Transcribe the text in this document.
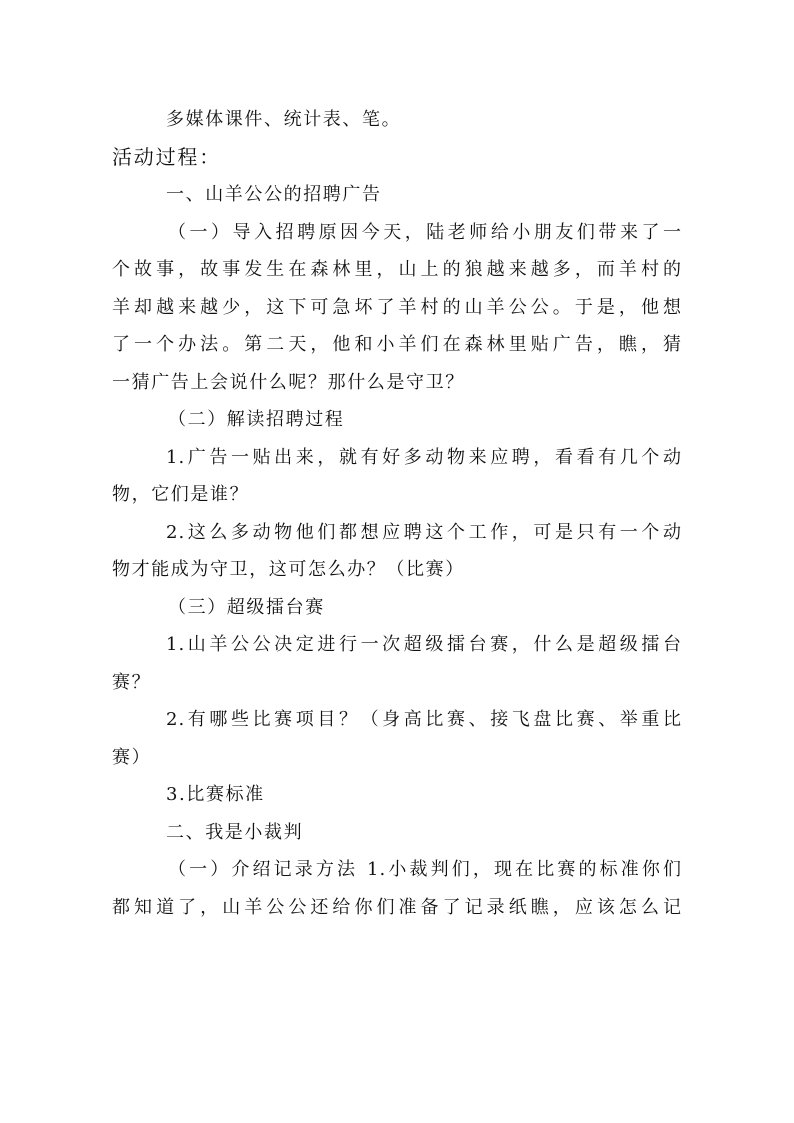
多媒体课件、统计表、笔。
活动过程：
一、山羊公公的招聘广告
（一）导入招聘原因今天，陆老师给小朋友们带来了一
个故事，故事发生在森林里，山上的狼越来越多，而羊村的
羊却越来越少，这下可急坏了羊村的山羊公公。于是，他想
了一个办法。第二天，他和小羊们在森林里贴广告，瞧，猜
一猜广告上会说什么呢？那什么是守卫？
（二）解读招聘过程
1.广告一贴出来，就有好多动物来应聘，看看有几个动
物，它们是谁？
2.这么多动物他们都想应聘这个工作，可是只有一个动
物才能成为守卫，这可怎么办？（比赛）
（三）超级擂台赛
1.山羊公公决定进行一次超级擂台赛，什么是超级擂台
赛？
2.有哪些比赛项目？（身高比赛、接飞盘比赛、举重比
赛）
3.比赛标准
二、我是小裁判
（一）介绍记录方法 1.小裁判们，现在比赛的标准你们
都知道了，山羊公公还给你们准备了记录纸瞧，应该怎么记
